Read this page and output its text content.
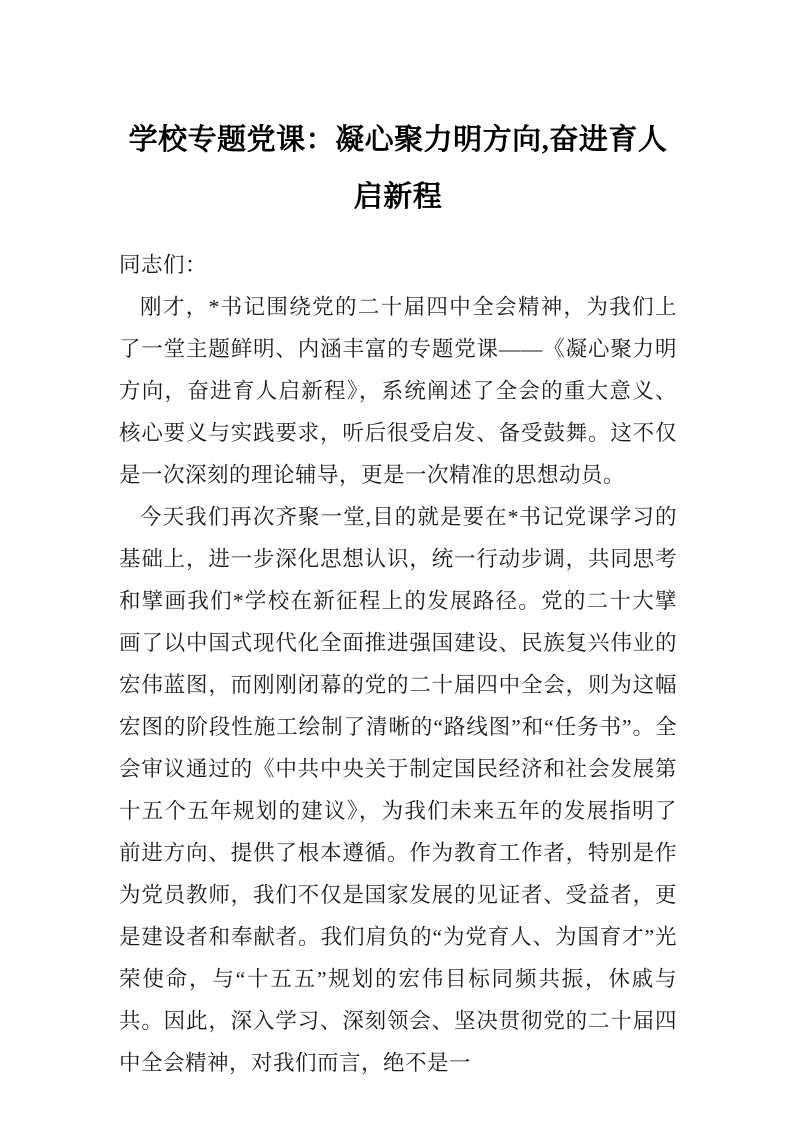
学校专题党课：凝心聚力明方向,奋进育人启新程

同志们：

刚才，*书记围绕党的二十届四中全会精神，为我们上了一堂主题鲜明、内涵丰富的专题党课——《凝心聚力明方向，奋进育人启新程》，系统阐述了全会的重大意义、核心要义与实践要求，听后很受启发、备受鼓舞。这不仅是一次深刻的理论辅导，更是一次精准的思想动员。

今天我们再次齐聚一堂,目的就是要在*书记党课学习的基础上，进一步深化思想认识，统一行动步调，共同思考和擘画我们*学校在新征程上的发展路径。党的二十大擘画了以中国式现代化全面推进强国建设、民族复兴伟业的宏伟蓝图，而刚刚闭幕的党的二十届四中全会，则为这幅宏图的阶段性施工绘制了清晰的“路线图”和“任务书”。全会审议通过的《中共中央关于制定国民经济和社会发展第十五个五年规划的建议》，为我们未来五年的发展指明了前进方向、提供了根本遵循。作为教育工作者，特别是作为党员教师，我们不仅是国家发展的见证者、受益者，更是建设者和奉献者。我们肩负的“为党育人、为国育才”光荣使命，与“十五五”规划的宏伟目标同频共振，休戚与共。因此，深入学习、深刻领会、坚决贯彻党的二十届四中全会精神，对我们而言，绝不是一
